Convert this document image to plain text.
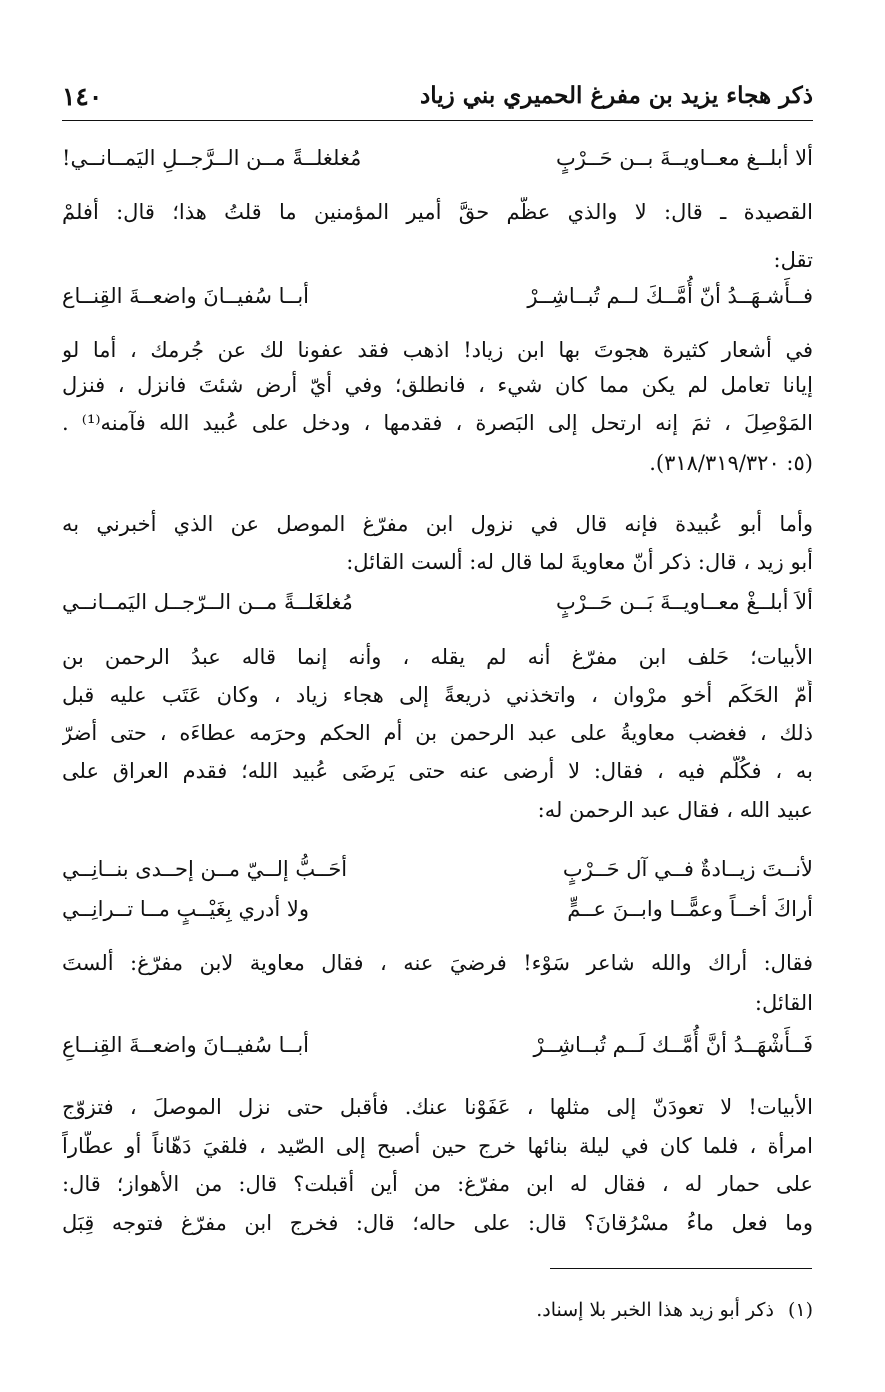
ذكر هجاء يزيد بن مفرغ الحميري بني زياد
١٤٠
ألا أبلــغ معــاويــةَ بــن حَــرْبٍ
مُغلغلــةً مــن الــرَّجــلِ اليَمــانــي!
القصيدة ـ قال: لا والذي عظَّم حقَّ أمير المؤمنين ما قلتُ هذا؛ قال: أفلمْ
تقل:
فــأَشـهَــدُ أنّ أُمَّــكَ لــم تُبــاشِــرْ
أبــا سُفيــانَ واضعــةَ القِنــاع
في أشعار كثيرة هجوتَ بها ابن زياد! اذهب فقد عفونا لك عن جُرمك ، أما لو
إيانا تعامل لم يكن مما كان شيء ، فانطلق؛ وفي أيّ أرض شئتَ فانزل ، فنزل
المَوْصِلَ ، ثمَ إنه ارتحل إلى البَصرة ، فقدمها ، ودخل على عُبيد الله فآمنه⁽¹⁾ .
(٥: ٣١٨/٣١٩/٣٢٠).
وأما أبو عُبيدة فإنه قال في نزول ابن مفرّغ الموصل عن الذي أخبرني به
أبو زيد ، قال: ذكر أنّ معاويةَ لما قال له: ألست القائل:
ألاَ أبلــغْ معــاويــةَ بَــن حَــرْبٍ
مُغلغَلــةً مــن الــرّجــل اليَمــانــي
الأبيات؛ حَلف ابن مفرّغ أنه لم يقله ، وأنه إنما قاله عبدُ الرحمن بن
أُمّ الحَكَم أخو مرْوان ، واتخذني ذريعةً إلى هجاء زياد ، وكان عَتَب عليه قبل
ذلك ، فغضب معاويةُ على عبد الرحمن بن أم الحكم وحرَمه عطاءَه ، حتى أضرّ
به ، فكُلّم فيه ، فقال: لا أرضى عنه حتى يَرضَى عُبيد الله؛ فقدم العراق على
عبيد الله ، فقال عبد الرحمن له:
لأنــتَ زيــادةٌ فــي آل حَــرْبٍ
أحَــبُّ إلــيّ مــن إحــدى بنــانِــي
أراكَ أخــاً وعمًّــا وابــنَ عــمٍّ
ولا أدري بِغَيْــبٍ مــا تــرانِــي
فقال: أراك والله شاعر سَوْء! فرضيَ عنه ، فقال معاوية لابن مفرّغ: ألستَ
القائل:
فَــأَشْهَــدُ أنَّ أُمَّــك لَــم تُبــاشِــرْ
أبــا سُفيــانَ واضعــةَ القِنــاعِ
الأبيات! لا تعودَنّ إلى مثلها ، عَفَوْنا عنك. فأقبل حتى نزل الموصلَ ، فتزوّج
امرأة ، فلما كان في ليلة بنائها خرج حين أصبح إلى الصّيد ، فلقيَ دَهّاناً أو عطّاراً
على حمار له ، فقال له ابن مفرّغ: من أين أقبلت؟ قال: من الأهواز؛ قال:
وما فعل ماءُ مسْرُقانَ؟ قال: على حاله؛ قال: فخرج ابن مفرّغ فتوجه قِبَل
(١)ذكر أبو زيد هذا الخبر بلا إسناد.
